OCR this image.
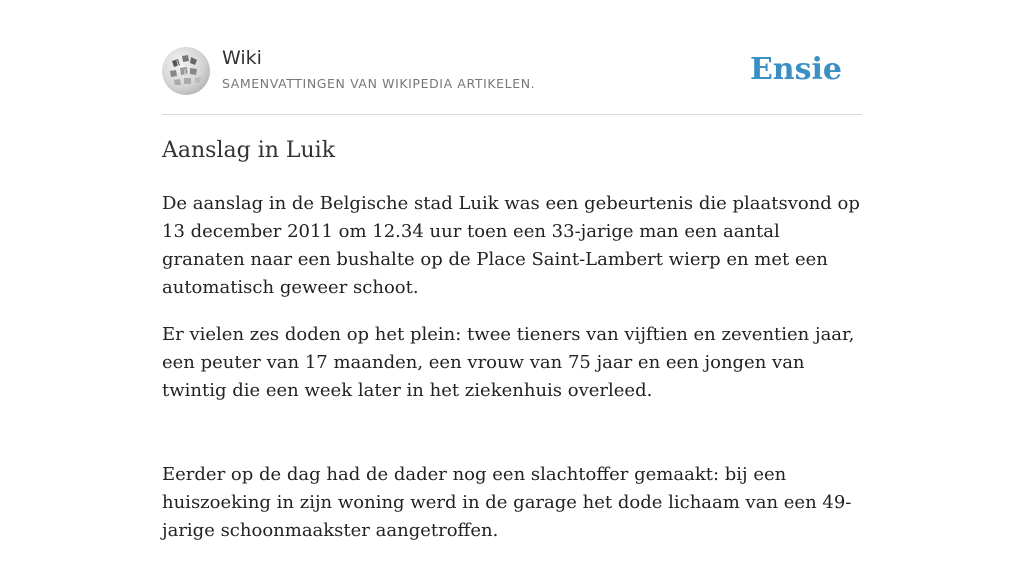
W
Ω
Wiki
SAMENVATTINGEN VAN WIKIPEDIA ARTIKELEN.	Ensie
Aanslag in Luik

De aanslag in de Belgische stad Luik was een gebeurtenis die plaatsvond op 13 december 2011 om 12.34 uur toen een 33-jarige man een aantal granaten naar een bushalte op de Place Saint-Lambert wierp en met een automatisch geweer schoot.

Er vielen zes doden op het plein: twee tieners van vijftien en zeventien jaar, een peuter van 17 maanden, een vrouw van 75 jaar en een jongen van twintig die een week later in het ziekenhuis overleed.

Eerder op de dag had de dader nog een slachtoffer gemaakt: bij een huiszoeking in zijn woning werd in de garage het dode lichaam van een 49-jarige schoonmaakster aangetroffen.
